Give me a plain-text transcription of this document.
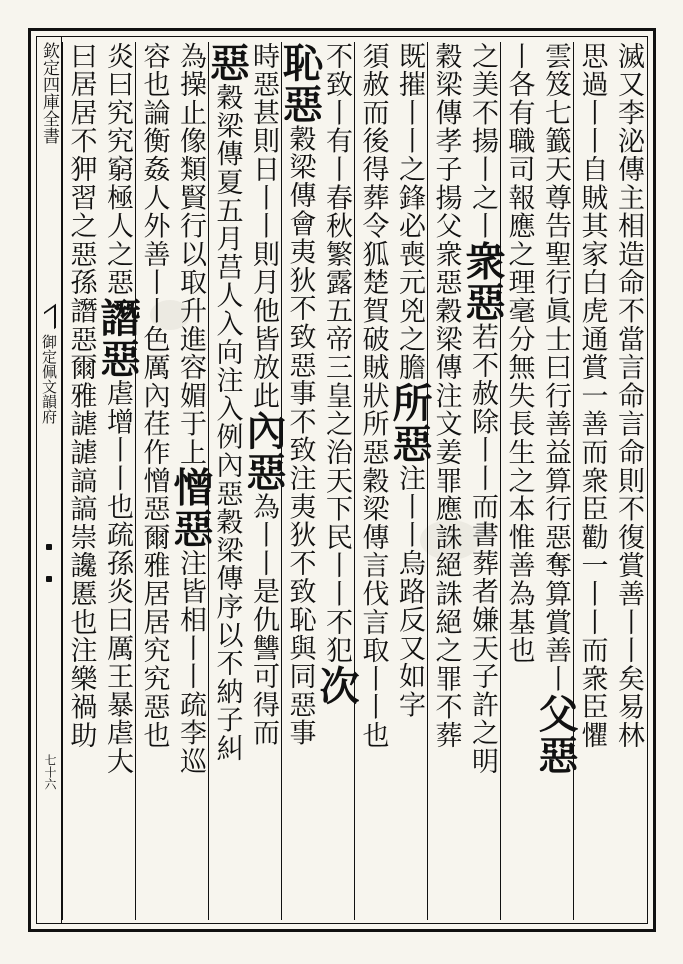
欽定四庫全書
御定佩文韻府
七十六
滅又李泌傳主相造命不當言命言命則不復賞善丨丨矣易林
思過丨丨自賊其家白虎通賞一善而衆臣勸一丨丨而衆臣懼
雲笈七籖天尊告聖行眞士曰行善益算行惡奪算賞善丨父惡
丨各有職司報應之理毫分無失長生之本惟善為基也
之美不揚丨之丨衆惡若不赦除丨丨而書葬者嫌天子許之明
穀梁傳孝子揚父衆惡穀梁傳注文姜罪應誅絕誅絕之罪不葬
既摧丨丨之鋒必喪元兇之膽所惡注丨丨烏路反又如字
須赦而後得葬令狐楚賀破賊狀所惡穀梁傳言伐言取丨丨也
不致丨有丨春秋繁露五帝三皇之治天下民丨丨不犯次
恥惡穀梁傳會夷狄不致惡事不致注夷狄不致恥與同惡事
時惡甚則日丨丨則月他皆放此內惡為丨丨是仇讐可得而
惡穀梁傳夏五月莒人入向注入例內惡穀梁傳序以不納子糾
為操止像類賢行以取升進容媚于上憎惡注皆相丨丨疏李巡
容也論衡姦人外善丨丨色厲內荏作憎惡爾雅居居究究惡也
炎曰究究窮極人之惡譖惡虐增丨丨也疏孫炎曰厲王暴虐大
曰居居不狎習之惡孫譖惡爾雅謔謔謞謞崇讒慝也注樂禍助
